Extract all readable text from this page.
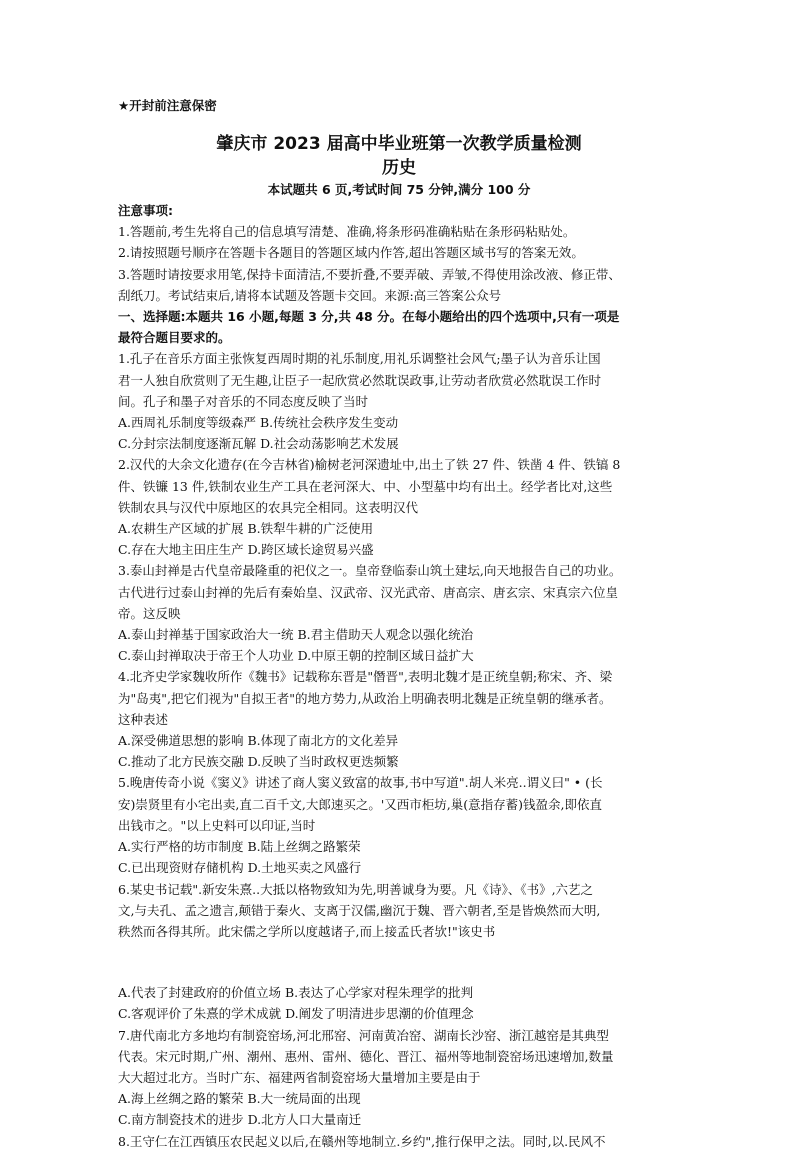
★开封前注意保密
肇庆市 2023 届高中毕业班第一次教学质量检测
历史
本试题共 6 页,考试时间 75 分钟,满分 100 分
注意事项:
1.答题前,考生先将自己的信息填写清楚、准确,将条形码准确粘贴在条形码粘贴处。
2.请按照题号顺序在答题卡各题目的答题区域内作答,超出答题区域书写的答案无效。
3.答题时请按要求用笔,保持卡面清洁,不要折叠,不要弄破、弄皱,不得使用涂改液、修正带、
刮纸刀。考试结束后,请将本试题及答题卡交回。来源:高三答案公众号
一、选择题:本题共 16 小题,每题 3 分,共 48 分。在每小题给出的四个选项中,只有一项是
最符合题目要求的。
1.孔子在音乐方面主张恢复西周时期的礼乐制度,用礼乐调整社会风气;墨子认为音乐让国
君一人独自欣赏则了无生趣,让臣子一起欣赏必然耽误政事,让劳动者欣赏必然耽误工作时
间。孔子和墨子对音乐的不同态度反映了当时
A.西周礼乐制度等级森严 B.传统社会秩序发生变动
C.分封宗法制度逐渐瓦解 D.社会动荡影响艺术发展
2.汉代的大余文化遗存(在今吉林省)榆树老河深遗址中,出土了铁 27 件、铁凿 4 件、铁镐 8
件、铁镰 13 件,铁制农业生产工具在老河深大、中、小型墓中均有出土。经学者比对,这些
铁制农具与汉代中原地区的农具完全相同。这表明汉代
A.农耕生产区域的扩展 B.铁犁牛耕的广泛使用
C.存在大地主田庄生产 D.跨区域长途贸易兴盛
3.泰山封禅是古代皇帝最隆重的祀仪之一。皇帝登临泰山筑土建坛,向天地报告自己的功业。
古代进行过泰山封禅的先后有秦始皇、汉武帝、汉光武帝、唐高宗、唐玄宗、宋真宗六位皇
帝。这反映
A.泰山封禅基于国家政治大一统 B.君主借助天人观念以强化统治
C.泰山封禅取决于帝王个人功业 D.中原王朝的控制区域日益扩大
4.北齐史学家魏收所作《魏书》记载称东晋是"僭晋",表明北魏才是正统皇朝;称宋、齐、梁
为"岛夷",把它们视为"自拟王者"的地方势力,从政治上明确表明北魏是正统皇朝的继承者。
这种表述
A.深受佛道思想的影响 B.体现了南北方的文化差异
C.推动了北方民族交融 D.反映了当时政权更迭频繁
5.晚唐传奇小说《窦义》讲述了商人窦义致富的故事,书中写道".胡人米亮..谓义曰" • (长
安)崇贤里有小宅出卖,直二百千文,大郎速买之。'又西市柜坊,巢(意指存蓄)钱盈余,即依直
出钱市之。"以上史料可以印证,当时
A.实行严格的坊市制度 B.陆上丝绸之路繁荣
C.已出现资财存储机构 D.土地买卖之风盛行
6.某史书记载".新安朱熹..大抵以格物致知为先,明善诚身为要。凡《诗》、《书》,六艺之
文,与夫孔、孟之遗言,颠错于秦火、支离于汉儒,幽沉于魏、晋六朝者,至是皆焕然而大明,
秩然而各得其所。此宋儒之学所以度越诸子,而上接孟氏者欤!"该史书
A.代表了封建政府的价值立场 B.表达了心学家对程朱理学的批判
C.客观评价了朱熹的学术成就 D.阐发了明清进步思潮的价值理念
7.唐代南北方多地均有制瓷窑场,河北邢窑、河南黄冶窑、湖南长沙窑、浙江越窑是其典型
代表。宋元时期,广州、潮州、惠州、雷州、德化、晋江、福州等地制瓷窑场迅速增加,数量
大大超过北方。当时广东、福建两省制瓷窑场大量增加主要是由于
A.海上丝绸之路的繁荣 B.大一统局面的出现
C.南方制瓷技术的进步 D.北方人口大量南迁
8.王守仁在江西镇压农民起义以后,在赣州等地制立.乡约",推行保甲之法。同时,以.民风不
